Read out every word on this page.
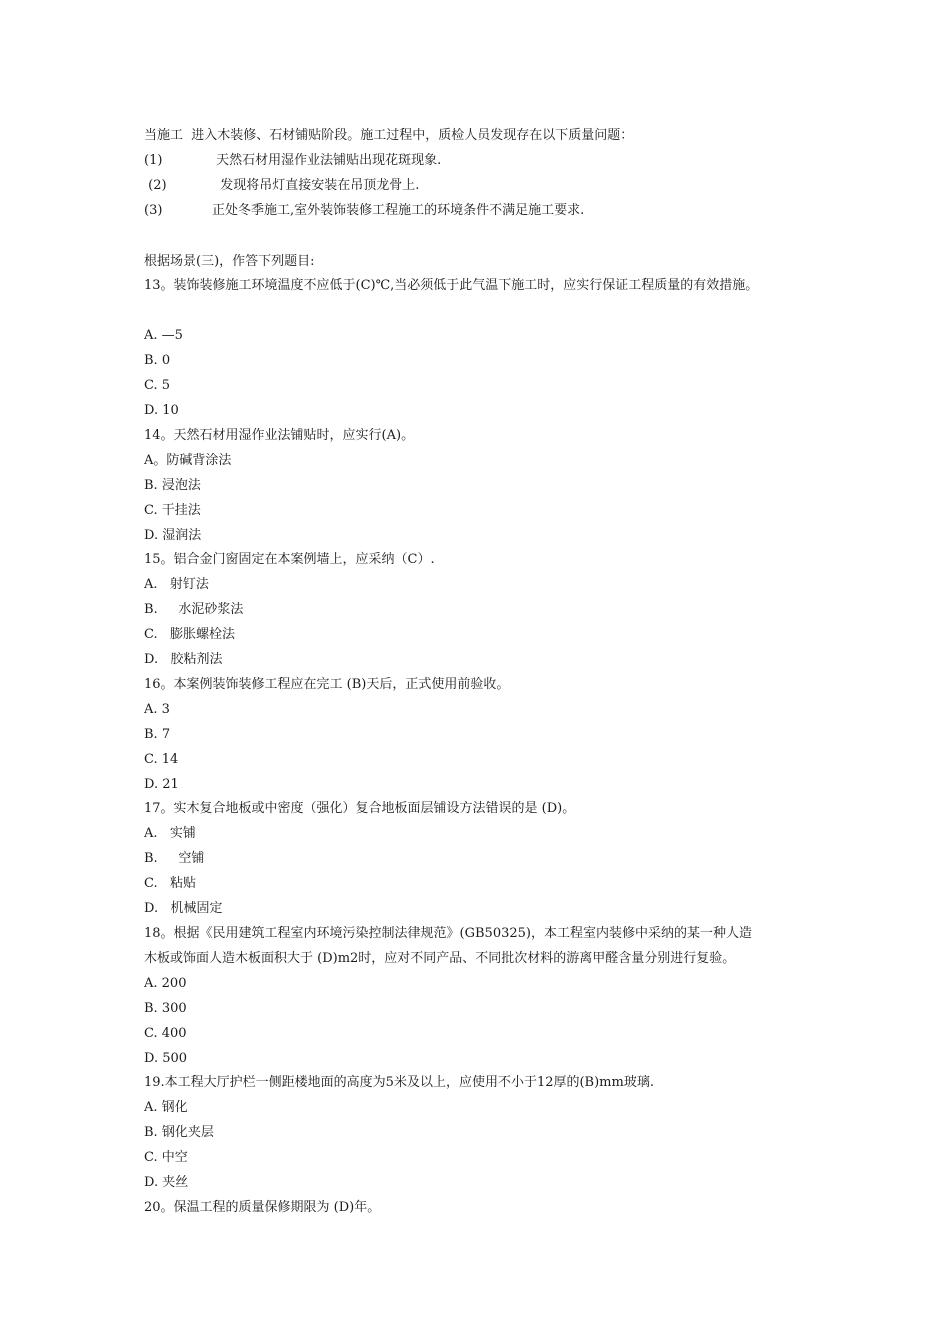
当施工  进入木装修、石材铺贴阶段。施工过程中，质检人员发现存在以下质量问题：
(1)             天然石材用湿作业法铺贴出现花斑现象.
(2)             发现将吊灯直接安装在吊顶龙骨上.
(3)            正处冬季施工,室外装饰装修工程施工的环境条件不满足施工要求.
根据场景(三)，作答下列题目:
13。装饰装修施工环境温度不应低于(C)℃,当必须低于此气温下施工时，应实行保证工程质量的有效措施。
A. —5
B. 0
C. 5
D. 10
14。天然石材用湿作业法铺贴时，应实行(A)。
A。防碱背涂法
B. 浸泡法
C. 干挂法
D. 湿润法
15。铝合金门窗固定在本案例墙上，应采纳（C）.
A.   射钉法
B.     水泥砂浆法
C.   膨胀螺栓法
D.   胶粘剂法
16。本案例装饰装修工程应在完工 (B)天后，正式使用前验收。
A. 3
B. 7
C. 14
D. 21
17。实木复合地板或中密度（强化）复合地板面层铺设方法错误的是 (D)。
A.   实铺
B.     空铺
C.   粘贴
D.   机械固定
18。根据《民用建筑工程室内环境污染控制法律规范》(GB50325)，本工程室内装修中采纳的某一种人造
木板或饰面人造木板面积大于 (D)m2时，应对不同产品、不同批次材料的游离甲醛含量分别进行复验。
A. 200
B. 300
C. 400
D. 500
19.本工程大厅护栏一侧距楼地面的高度为5米及以上，应使用不小于12厚的(B)mm玻璃.
A. 钢化
B. 钢化夹层
C. 中空
D. 夹丝
20。保温工程的质量保修期限为 (D)年。
